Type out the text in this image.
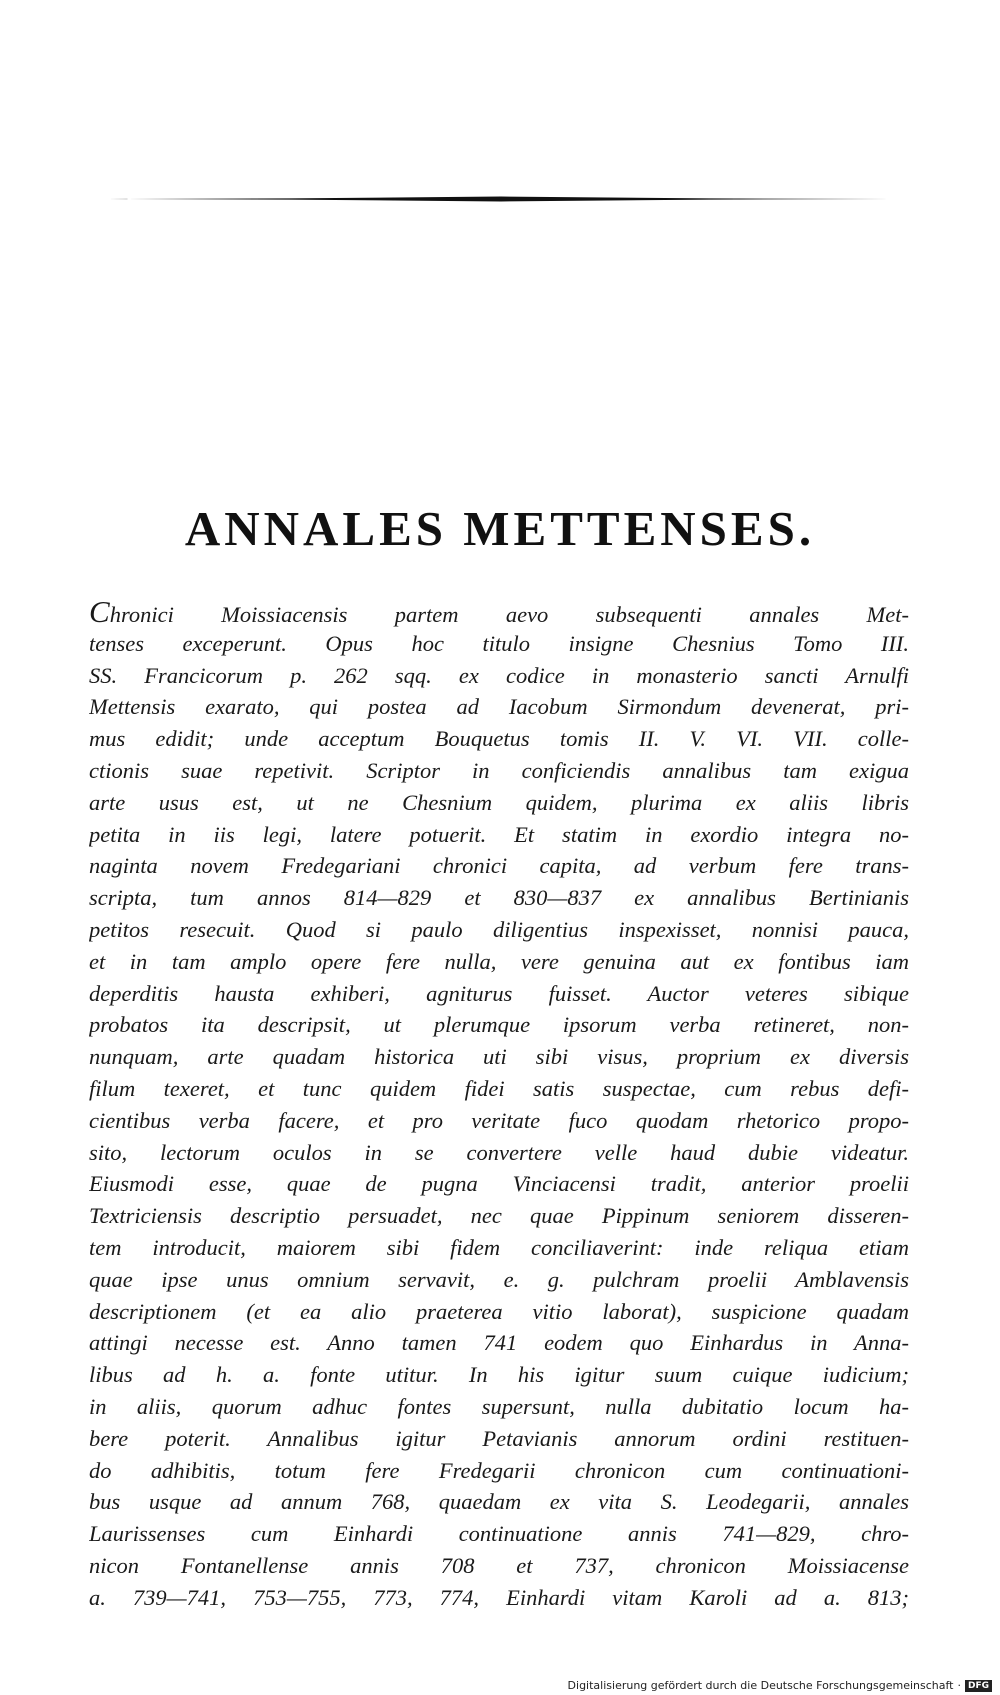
ANNALES METTENSES.
Chronici Moissiacensis partem aevo subsequenti annales Met-
tenses exceperunt. Opus hoc titulo insigne Chesnius Tomo III.
SS. Francicorum p. 262 sqq. ex codice in monasterio sancti Arnulfi
Mettensis exarato, qui postea ad Iacobum Sirmondum devenerat, pri-
mus edidit; unde acceptum Bouquetus tomis II. V. VI. VII. colle-
ctionis suae repetivit. Scriptor in conficiendis annalibus tam exigua
arte usus est, ut ne Chesnium quidem, plurima ex aliis libris
petita in iis legi, latere potuerit. Et statim in exordio integra no-
naginta novem Fredegariani chronici capita, ad verbum fere trans-
scripta, tum annos 814—829 et 830—837 ex annalibus Bertinianis
petitos resecuit. Quod si paulo diligentius inspexisset, nonnisi pauca,
et in tam amplo opere fere nulla, vere genuina aut ex fontibus iam
deperditis hausta exhiberi, agniturus fuisset. Auctor veteres sibique
probatos ita descripsit, ut plerumque ipsorum verba retineret, non-
nunquam, arte quadam historica uti sibi visus, proprium ex diversis
filum texeret, et tunc quidem fidei satis suspectae, cum rebus defi-
cientibus verba facere, et pro veritate fuco quodam rhetorico propo-
sito, lectorum oculos in se convertere velle haud dubie videatur.
Eiusmodi esse, quae de pugna Vinciacensi tradit, anterior proelii
Textriciensis descriptio persuadet, nec quae Pippinum seniorem disseren-
tem introducit, maiorem sibi fidem conciliaverint: inde reliqua etiam
quae ipse unus omnium servavit, e. g. pulchram proelii Amblavensis
descriptionem (et ea alio praeterea vitio laborat), suspicione quadam
attingi necesse est. Anno tamen 741 eodem quo Einhardus in Anna-
libus ad h. a. fonte utitur. In his igitur suum cuique iudicium;
in aliis, quorum adhuc fontes supersunt, nulla dubitatio locum ha-
bere poterit. Annalibus igitur Petavianis annorum ordini restituen-
do adhibitis, totum fere Fredegarii chronicon cum continuationi-
bus usque ad annum 768, quaedam ex vita S. Leodegarii, annales
Laurissenses cum Einhardi continuatione annis 741—829, chro-
nicon Fontanellense annis 708 et 737, chronicon Moissiacense
a. 739—741, 753—755, 773, 774, Einhardi vitam Karoli ad a. 813;
Digitalisierung gefördert durch die Deutsche Forschungsgemeinschaft · DFG
